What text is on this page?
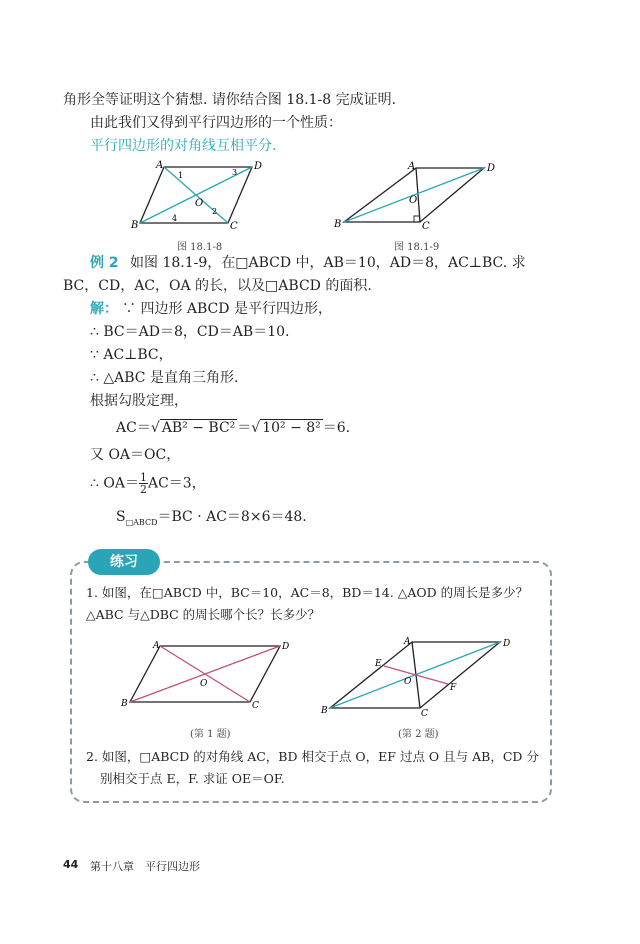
角形全等证明这个猜想. 请你结合图 18.1-8 完成证明.
由此我们又得到平行四边形的一个性质：
平行四边形的对角线互相平分.
A	D
B	C
O
1
2
3
4
图 18.1-8
A	D
B	C
O
图 18.1-9
例 2 如图 18.1-9，在□ABCD 中，AB＝10，AD＝8，AC⊥BC. 求
BC，CD，AC，OA 的长，以及□ABCD 的面积.
解： ∵ 四边形 ABCD 是平行四边形，
∴ BC＝AD＝8，CD＝AB＝10.
∵ AC⊥BC，
∴ △ABC 是直角三角形.
根据勾股定理，
AC＝√ AB² − BC² ＝√ 10² − 8² ＝6.
又 OA＝OC，
∴ $OA= \frac{1}{2} AC=3$，
$S_{□ABCD}=BC \cdot AC=8\times 6=48$.
练习
1. 如图，在□ABCD 中，BC＝10，AC＝8，BD＝14. △AOD 的周长是多少？
△ABC 与△DBC 的周长哪个长？长多少？
A	D
B	C
O
(第 1 题)
A	D
B	C
O
E
F
(第 2 题)
2. 如图，□ABCD 的对角线 AC，BD 相交于点 O，EF 过点 O 且与 AB，CD 分
别相交于点 E，F. 求证 OE＝OF.
44 第十八章　平行四边形
